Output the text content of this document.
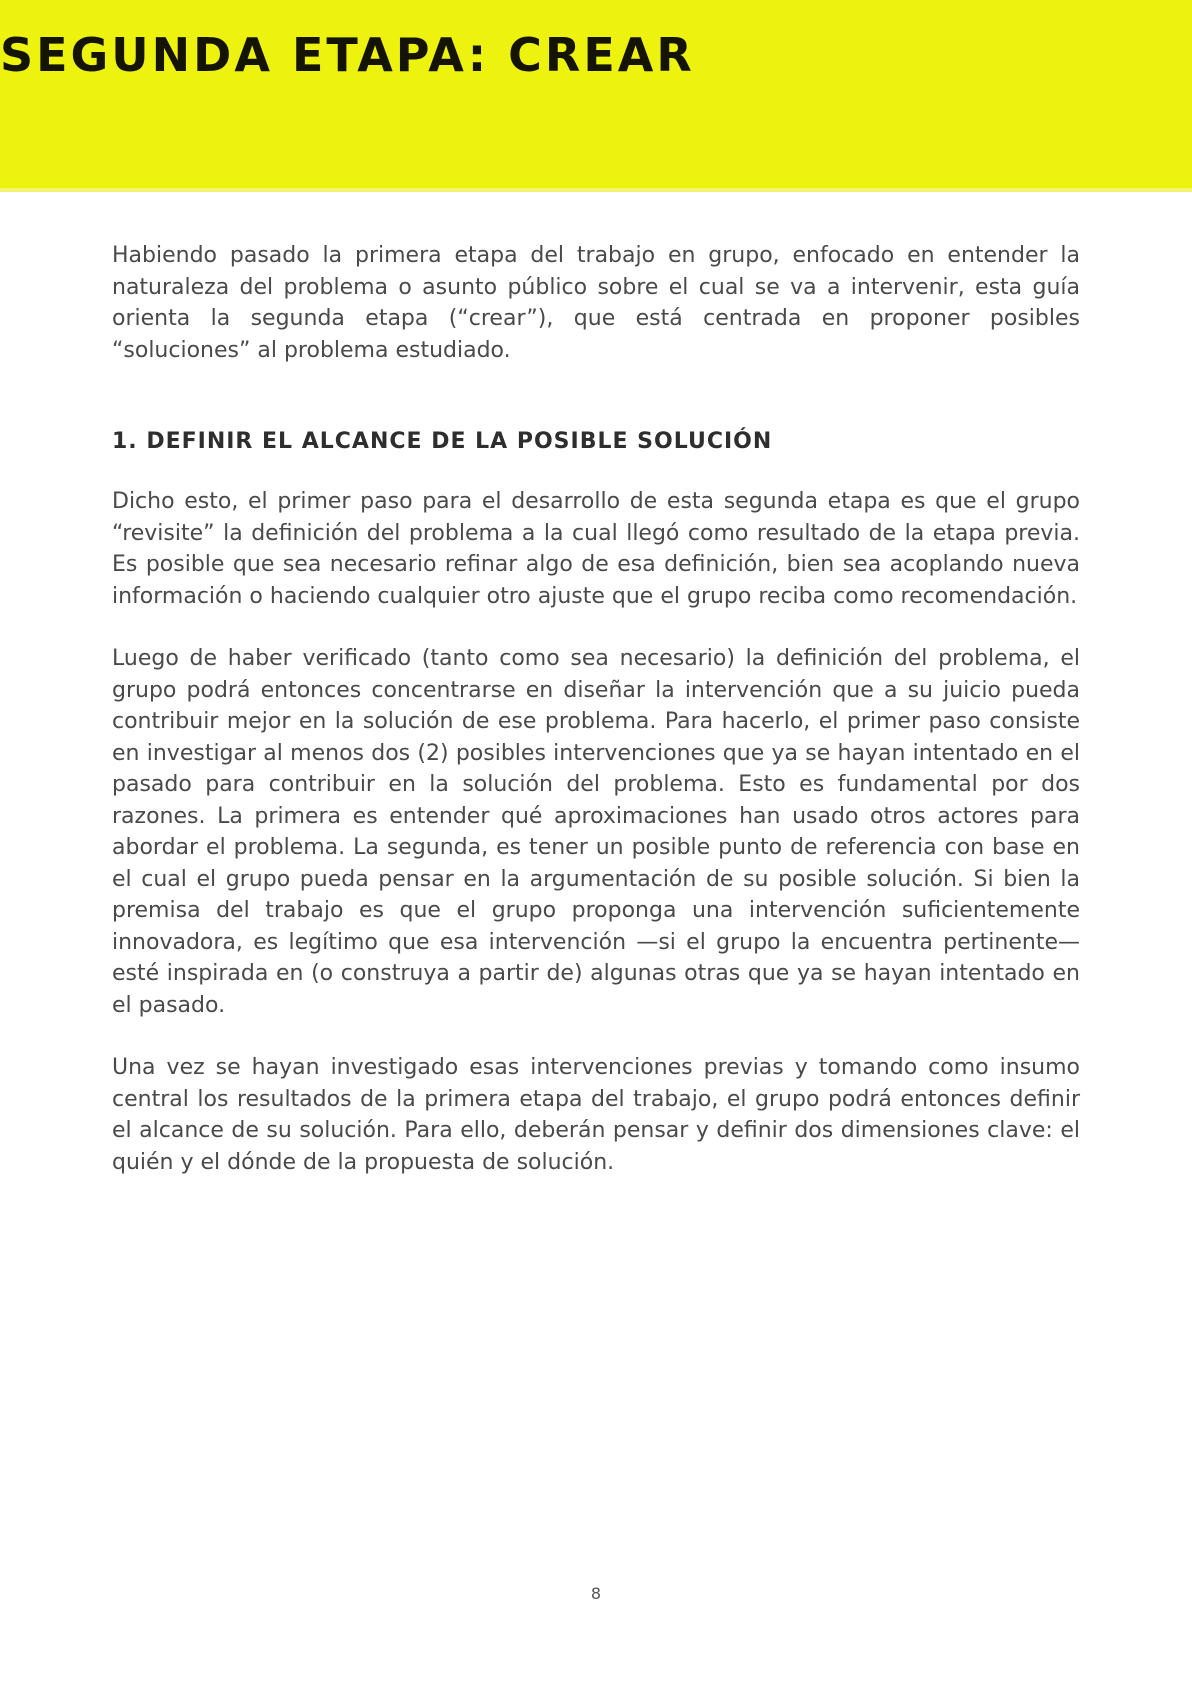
SEGUNDA ETAPA: CREAR

Habiendo pasado la primera etapa del trabajo en grupo, enfocado en entender la naturaleza del problema o asunto público sobre el cual se va a intervenir, esta guía orienta la segunda etapa (“crear”), que está centrada en proponer posibles “soluciones” al problema estudiado.

1. DEFINIR EL ALCANCE DE LA POSIBLE SOLUCIÓN

Dicho esto, el primer paso para el desarrollo de esta segunda etapa es que el grupo “revisite” la definición del problema a la cual llegó como resultado de la etapa previa. Es posible que sea necesario refinar algo de esa definición, bien sea acoplando nueva información o haciendo cualquier otro ajuste que el grupo reciba como recomendación.

Luego de haber verificado (tanto como sea necesario) la definición del problema, el grupo podrá entonces concentrarse en diseñar la intervención que a su juicio pueda contribuir mejor en la solución de ese problema. Para hacerlo, el primer paso consiste en investigar al menos dos (2) posibles intervenciones que ya se hayan intentado en el pasado para contribuir en la solución del problema. Esto es fundamental por dos razones. La primera es entender qué aproximaciones han usado otros actores para abordar el problema. La segunda, es tener un posible punto de referencia con base en el cual el grupo pueda pensar en la argumentación de su posible solución. Si bien la premisa del trabajo es que el grupo proponga una intervención suficientemente innovadora, es legítimo que esa intervención —si el grupo la encuentra pertinente— esté inspirada en (o construya a partir de) algunas otras que ya se hayan intentado en el pasado.

Una vez se hayan investigado esas intervenciones previas y tomando como insumo central los resultados de la primera etapa del trabajo, el grupo podrá entonces definir el alcance de su solución. Para ello, deberán pensar y definir dos dimensiones clave: el quién y el dónde de la propuesta de solución.

8
